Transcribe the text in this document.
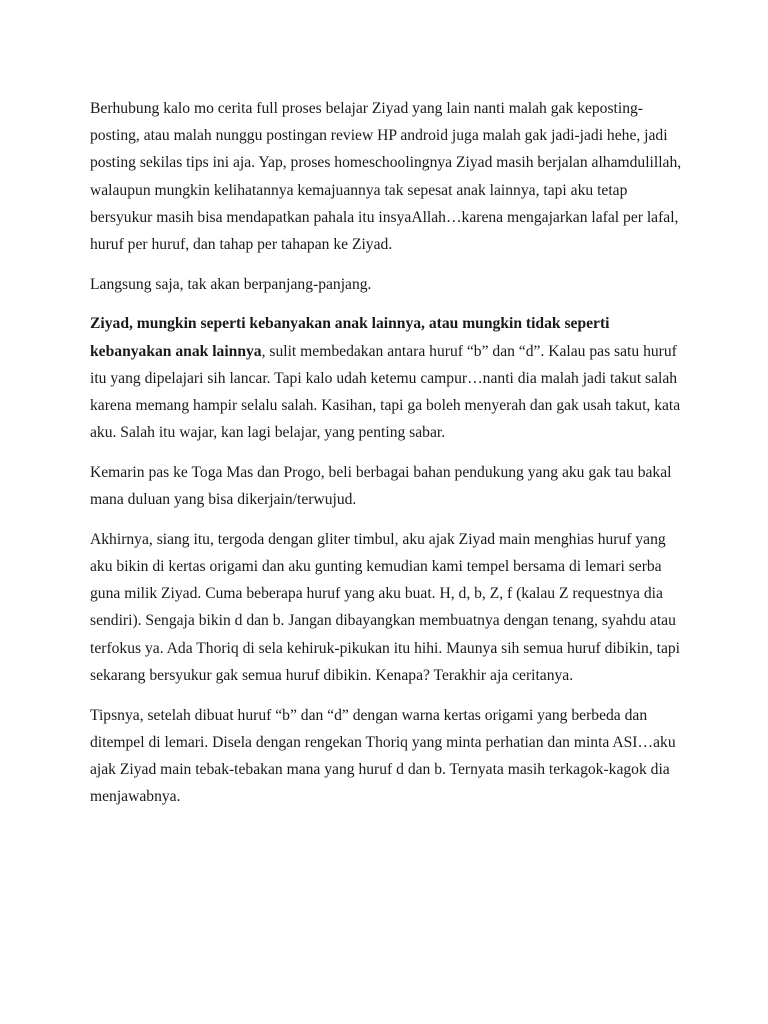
Berhubung kalo mo cerita full proses belajar Ziyad yang lain nanti malah gak keposting-posting, atau malah nunggu postingan review HP android juga malah gak jadi-jadi hehe, jadi posting sekilas tips ini aja. Yap, proses homeschoolingnya Ziyad masih berjalan alhamdulillah, walaupun mungkin kelihatannya kemajuannya tak sepesat anak lainnya, tapi aku tetap bersyukur masih bisa mendapatkan pahala itu insyaAllah…karena mengajarkan lafal per lafal, huruf per huruf, dan tahap per tahapan ke Ziyad.

Langsung saja, tak akan berpanjang-panjang.

Ziyad, mungkin seperti kebanyakan anak lainnya, atau mungkin tidak seperti kebanyakan anak lainnya, sulit membedakan antara huruf “b” dan “d”. Kalau pas satu huruf itu yang dipelajari sih lancar. Tapi kalo udah ketemu campur…nanti dia malah jadi takut salah karena memang hampir selalu salah. Kasihan, tapi ga boleh menyerah dan gak usah takut, kata aku. Salah itu wajar, kan lagi belajar, yang penting sabar.

Kemarin pas ke Toga Mas dan Progo, beli berbagai bahan pendukung yang aku gak tau bakal mana duluan yang bisa dikerjain/terwujud.

Akhirnya, siang itu, tergoda dengan gliter timbul, aku ajak Ziyad main menghias huruf yang aku bikin di kertas origami dan aku gunting kemudian kami tempel bersama di lemari serba guna milik Ziyad. Cuma beberapa huruf yang aku buat. H, d, b, Z, f (kalau Z requestnya dia sendiri). Sengaja bikin d dan b. Jangan dibayangkan membuatnya dengan tenang, syahdu atau terfokus ya. Ada Thoriq di sela kehiruk-pikukan itu hihi. Maunya sih semua huruf dibikin, tapi sekarang bersyukur gak semua huruf dibikin. Kenapa? Terakhir aja ceritanya.

Tipsnya, setelah dibuat huruf “b” dan “d” dengan warna kertas origami yang berbeda dan ditempel di lemari. Disela dengan rengekan Thoriq yang minta perhatian dan minta ASI…aku ajak Ziyad main tebak-tebakan mana yang huruf d dan b. Ternyata masih terkagok-kagok dia menjawabnya.
